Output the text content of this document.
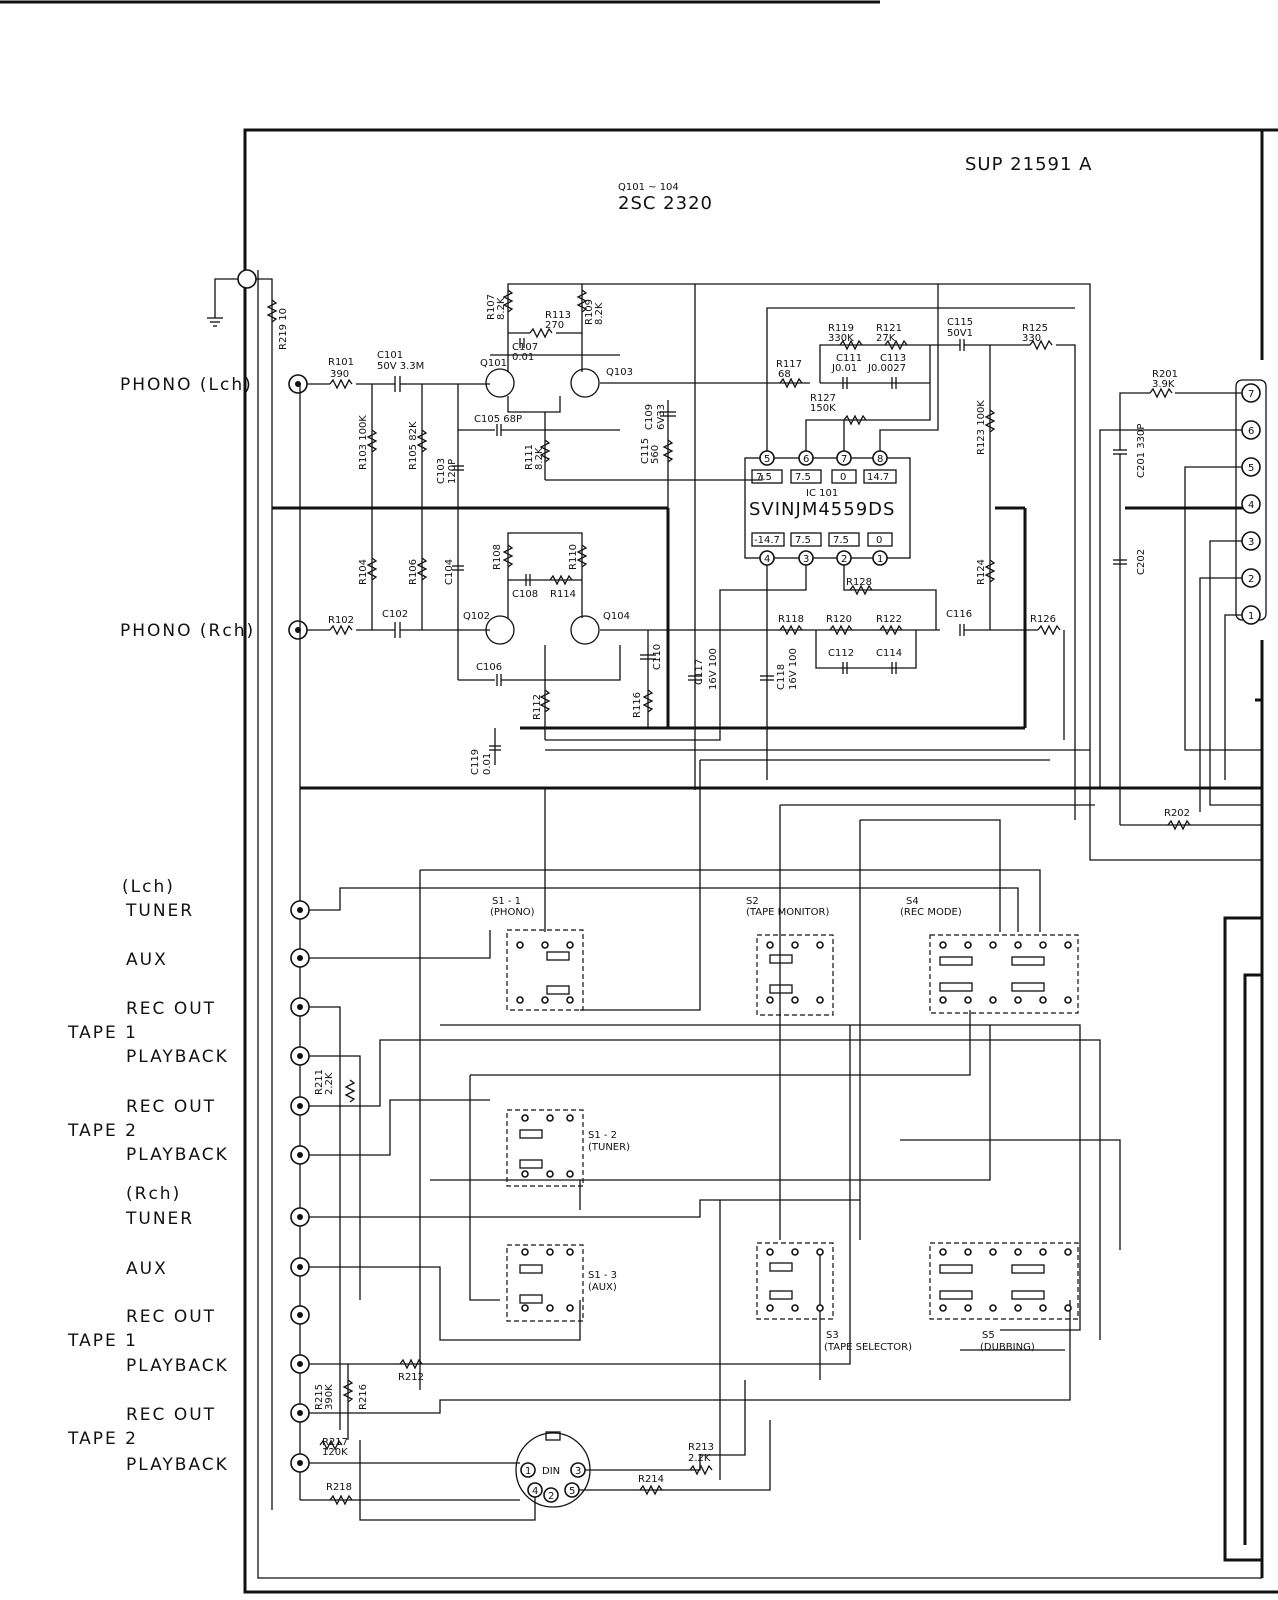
SUP 21591 A
Q101 ~ 104
2SC 2320
R219 10
PHONO (Lch)
PHONO (Rch)
R101
390
C101
50V 3.3M
R103 100K	R105 82K
C103 120P
Q101
Q103
R107 8.2K	R109 8.2K
R113
270
C107
0.01
C105 68P
R111 8.2K	C115 560
C109 6V33
IC 101
SVINJM4559DS
5	6	7	8
7.5 7.5	0 14.7
-14.7 7.5 7.5	0
4	3	2	1
R117
68
R119
330K
R121
27K
C111
J0.01
C113
J0.0027
R127
150K
C115
50V1	R125
330
R123 100K
R102
C102
R104	R106	C104
Q102	Q104
R108	R110
C108 R114
C106
R112
C110
R116
C117 16V 100	C118 16V 100
R118 R120 R122
C112 C114
R128
C116	R126
R124
C119 0.01
7
6
5
4
3
2
1
R201
3.9K
C201 330P
C202
R202
(Lch)
TUNER
AUX
REC OUT
TAPE 1
PLAYBACK
REC OUT
TAPE 2
PLAYBACK
(Rch)
TUNER
AUX
REC OUT
TAPE 1
PLAYBACK
REC OUT
TAPE 2
PLAYBACK
R211 2.2K
R212
R217
120K
R218
R216
R215 390K
S1 - 1
(PHONO)
S1 - 2
(TUNER)
S1 - 3
(AUX)
S2
(TAPE MONITOR)
S4
(REC MODE)
S3
(TAPE SELECTOR)
S5
(DUBBING)
DIN
1
2
3
4	5
R213
2.2K
R214
